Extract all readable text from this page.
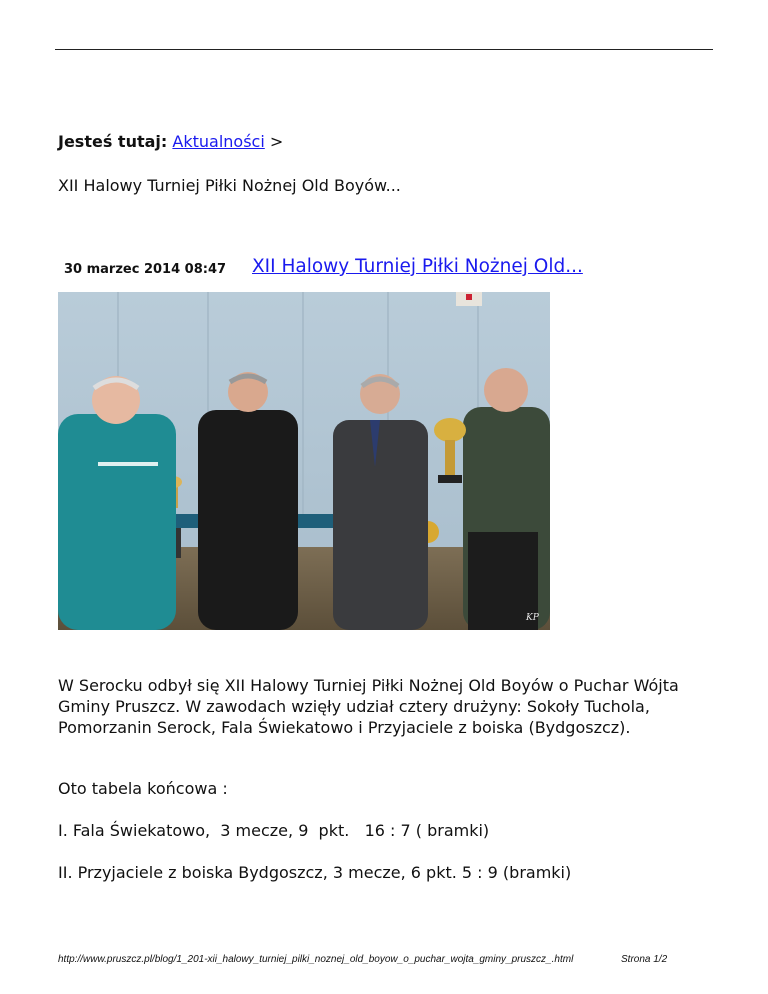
Jesteś tutaj: Aktualności >
XII Halowy Turniej Piłki Nożnej Old Boyów...
30 marzec 2014 08:47 XII Halowy Turniej Piłki Nożnej Old...
KP

W Serocku odbył się XII Halowy Turniej Piłki Nożnej Old Boyów o Puchar Wójta Gminy Pruszcz. W zawodach wzięły udział cztery drużyny: Sokoły Tuchola, Pomorzanin Serock, Fala Świekatowo i Przyjaciele z boiska (Bydgoszcz).

Oto tabela końcowa :
I. Fala Świekatowo,  3 mecze, 9  pkt.   16 : 7 ( bramki)
II. Przyjaciele z boiska Bydgoszcz, 3 mecze, 6 pkt. 5 : 9 (bramki)
http://www.pruszcz.pl/blog/1_201-xii_halowy_turniej_pilki_noznej_old_boyow_o_puchar_wojta_gminy_pruszcz_.html	Strona 1/2
